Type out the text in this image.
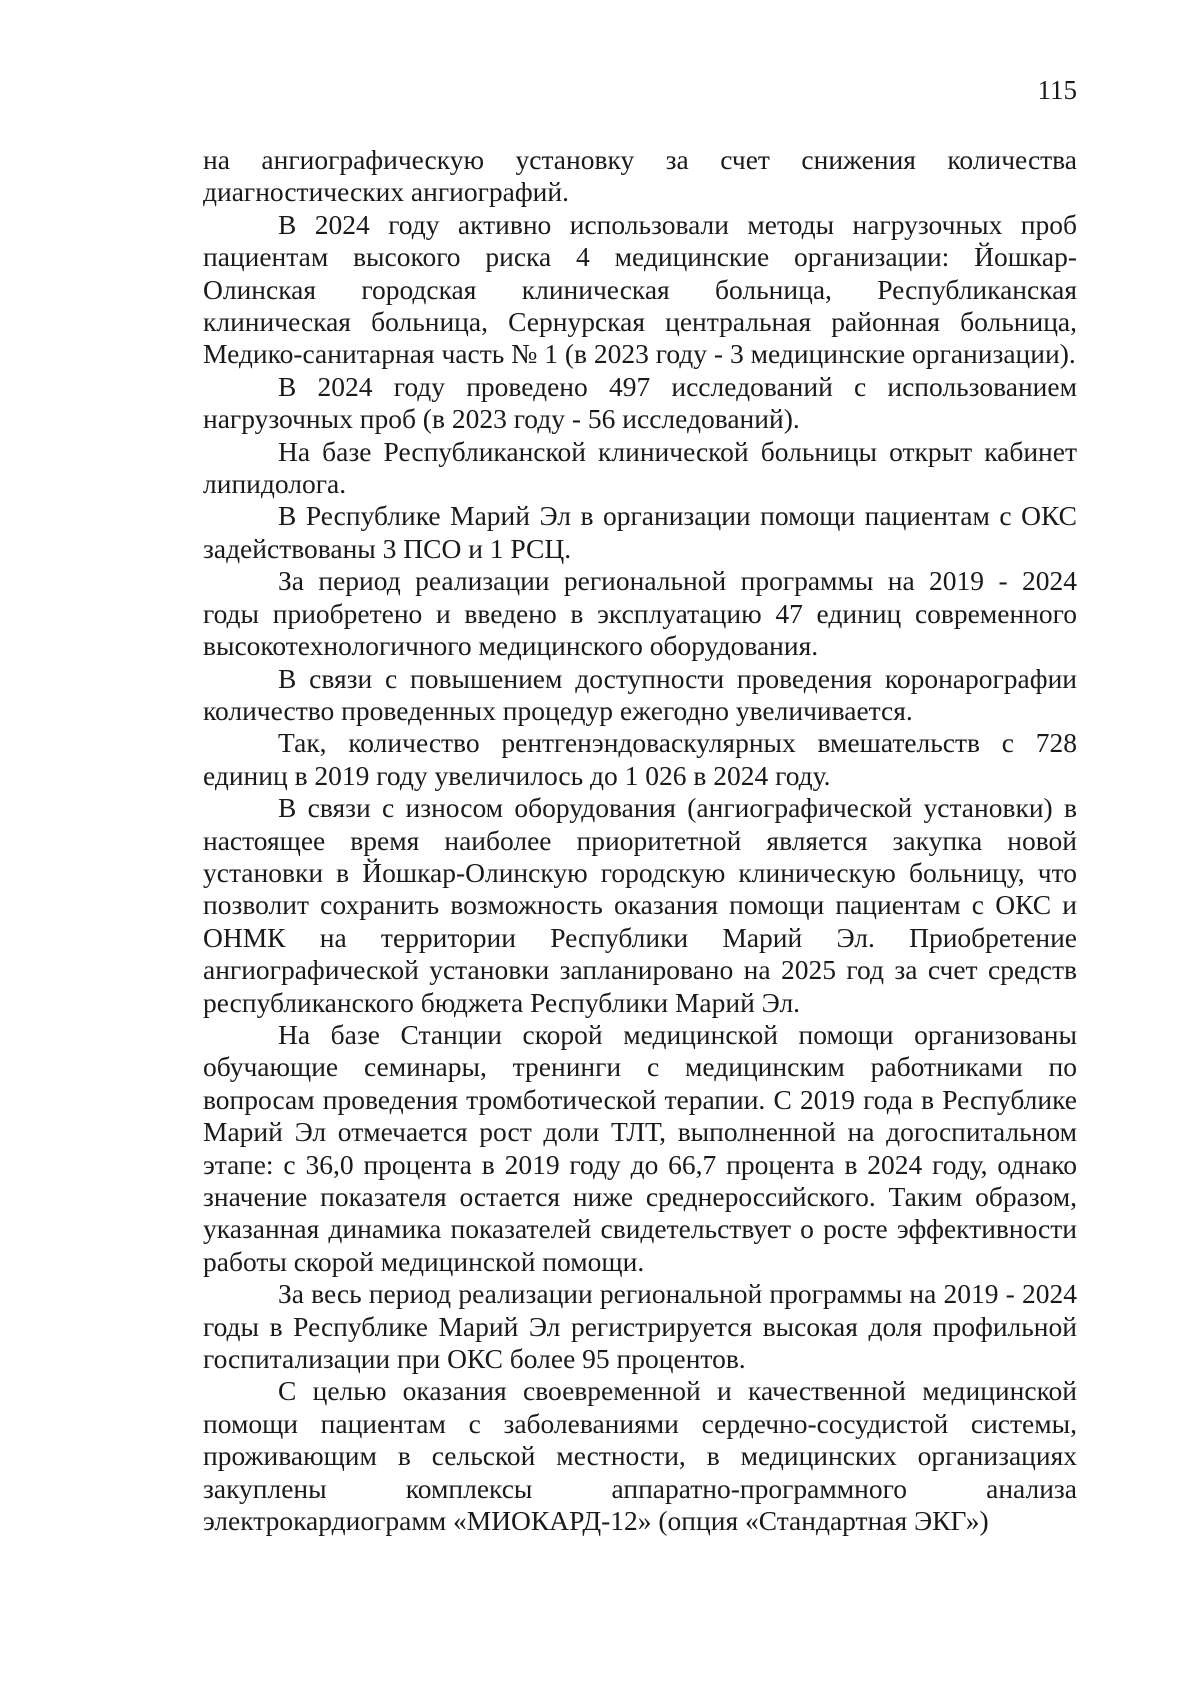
115

на ангиографическую установку за счет снижения количества диагностических ангиографий.

В 2024 году активно использовали методы нагрузочных проб пациентам высокого риска 4 медицинские организации: Йошкар-Олинская городская клиническая больница, Республиканская клиническая больница, Сернурская центральная районная больница, Медико-санитарная часть № 1 (в 2023 году - 3 медицинские организации).

В 2024 году проведено 497 исследований с использованием нагрузочных проб (в 2023 году - 56 исследований).

На базе Республиканской клинической больницы открыт кабинет липидолога.

В Республике Марий Эл в организации помощи пациентам с ОКС задействованы 3 ПСО и 1 РСЦ.

За период реализации региональной программы на 2019 - 2024 годы приобретено и введено в эксплуатацию 47 единиц современного высокотехнологичного медицинского оборудования.

В связи с повышением доступности проведения коронарографии количество проведенных процедур ежегодно увеличивается.

Так, количество рентгенэндоваскулярных вмешательств с 728 единиц в 2019 году увеличилось до 1 026 в 2024 году.

В связи с износом оборудования (ангиографической установки) в настоящее время наиболее приоритетной является закупка новой установки в Йошкар-Олинскую городскую клиническую больницу, что позволит сохранить возможность оказания помощи пациентам с ОКС и ОНМК на территории Республики Марий Эл. Приобретение ангиографической установки запланировано на 2025 год за счет средств республиканского бюджета Республики Марий Эл.

На базе Станции скорой медицинской помощи организованы обучающие семинары, тренинги с медицинским работниками по вопросам проведения тромботической терапии. С 2019 года в Республике Марий Эл отмечается рост доли ТЛТ, выполненной на догоспитальном этапе: с 36,0 процента в 2019 году до 66,7 процента в 2024 году, однако значение показателя остается ниже среднероссийского. Таким образом, указанная динамика показателей свидетельствует о росте эффективности работы скорой медицинской помощи.

За весь период реализации региональной программы на 2019 - 2024 годы в Республике Марий Эл регистрируется высокая доля профильной госпитализации при ОКС более 95 процентов.

С целью оказания своевременной и качественной медицинской помощи пациентам с заболеваниями сердечно-сосудистой системы, проживающим в сельской местности, в медицинских организациях закуплены комплексы аппаратно-программного анализа электрокардиограмм «МИОКАРД-12» (опция «Стандартная ЭКГ»)
